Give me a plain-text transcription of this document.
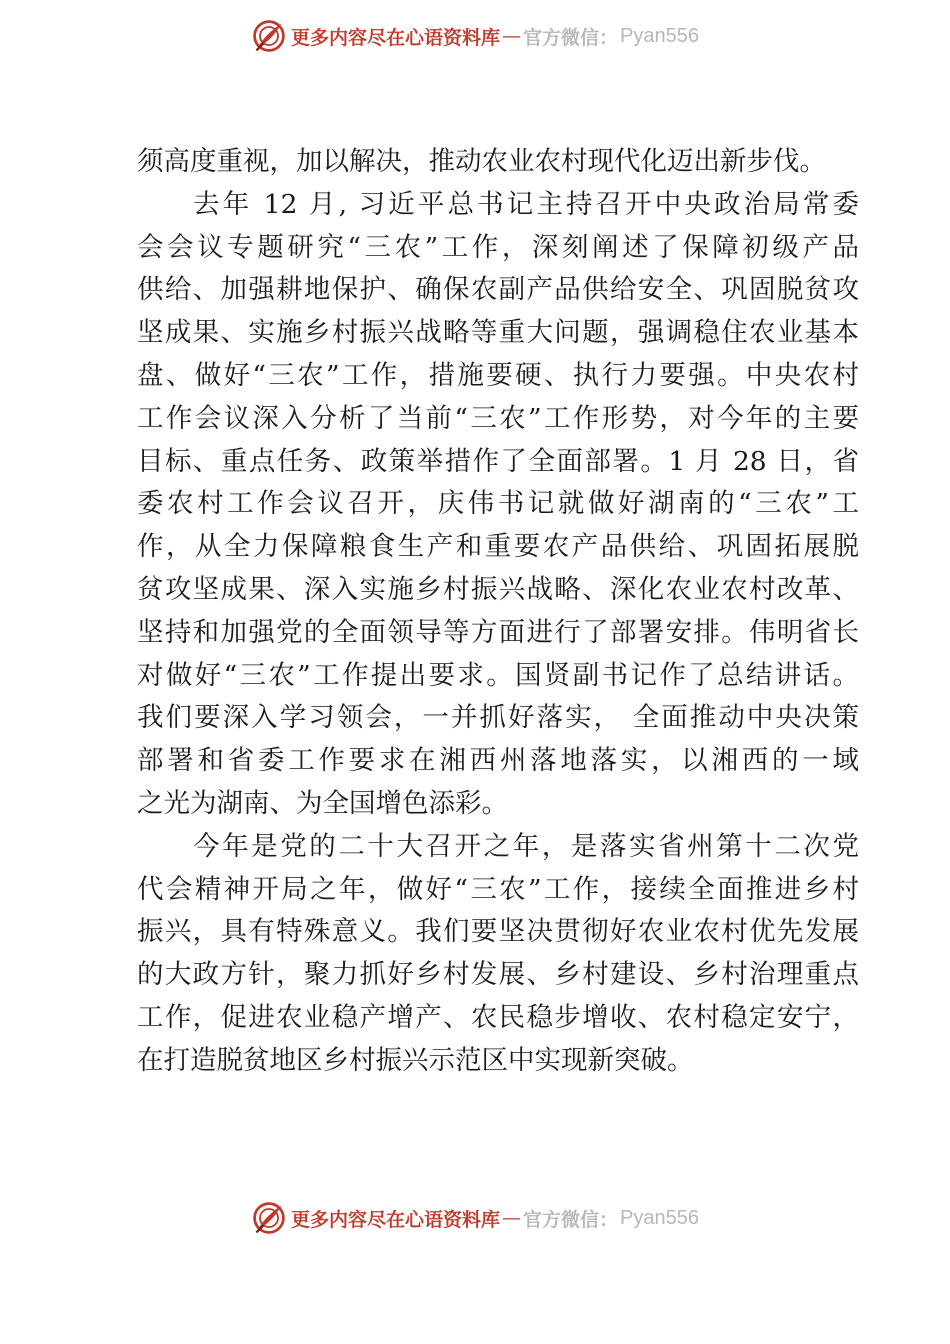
更多内容尽在心语资料库 — 官方微信： Pyan556
须高度重视，加以解决，推动农业农村现代化迈出新步伐。
去年 12 月, 习近平总书记主持召开中央政治局常委
会会议专题研究“三农”工作，深刻阐述了保障初级产品
供给、加强耕地保护、确保农副产品供给安全、巩固脱贫攻
坚成果、实施乡村振兴战略等重大问题，强调稳住农业基本
盘、做好“三农”工作，措施要硬、执行力要强。中央农村
工作会议深入分析了当前“三农”工作形势，对今年的主要
目标、重点任务、政策举措作了全面部署。1 月 28 日，省
委农村工作会议召开，庆伟书记就做好湖南的“三农”工
作，从全力保障粮食生产和重要农产品供给、巩固拓展脱
贫攻坚成果、深入实施乡村振兴战略、深化农业农村改革、
坚持和加强党的全面领导等方面进行了部署安排。伟明省长
对做好“三农”工作提出要求。国贤副书记作了总结讲话。
我们要深入学习领会，一并抓好落实， 全面推动中央决策
部署和省委工作要求在湘西州落地落实，以湘西的一域
之光为湖南、为全国增色添彩。
今年是党的二十大召开之年，是落实省州第十二次党
代会精神开局之年，做好“三农”工作，接续全面推进乡村
振兴，具有特殊意义。我们要坚决贯彻好农业农村优先发展
的大政方针，聚力抓好乡村发展、乡村建设、乡村治理重点
工作，促进农业稳产增产、农民稳步增收、农村稳定安宁，
在打造脱贫地区乡村振兴示范区中实现新突破。
更多内容尽在心语资料库 — 官方微信： Pyan556
